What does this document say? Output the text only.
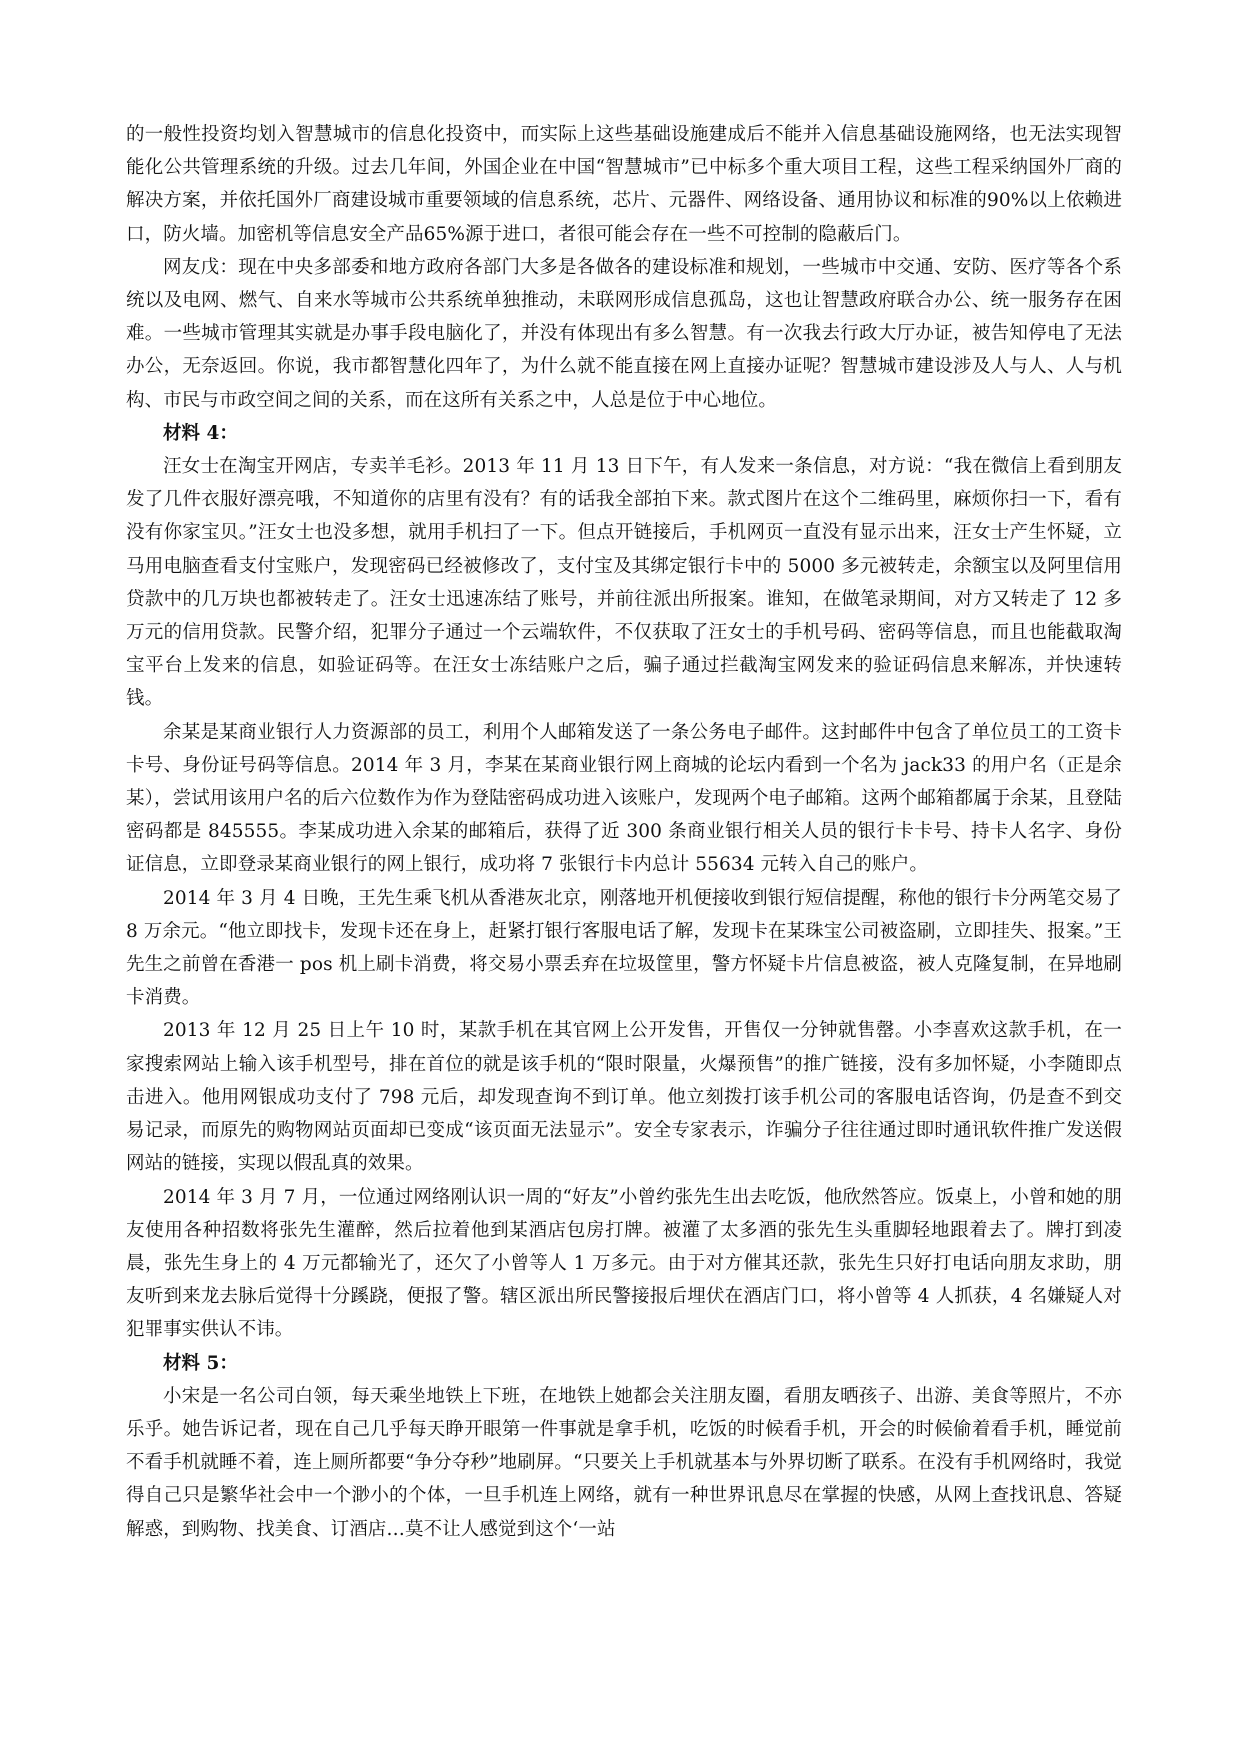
的一般性投资均划入智慧城市的信息化投资中，而实际上这些基础设施建成后不能并入信息基础设施网络，也无法实现智能化公共管理系统的升级。过去几年间，外国企业在中国“智慧城市”已中标多个重大项目工程，这些工程采纳国外厂商的解决方案，并依托国外厂商建设城市重要领域的信息系统，芯片、元器件、网络设备、通用协议和标准的90%以上依赖进口，防火墙。加密机等信息安全产品65%源于进口，者很可能会存在一些不可控制的隐蔽后门。

网友戊：现在中央多部委和地方政府各部门大多是各做各的建设标准和规划，一些城市中交通、安防、医疗等各个系统以及电网、燃气、自来水等城市公共系统单独推动，未联网形成信息孤岛，这也让智慧政府联合办公、统一服务存在困难。一些城市管理其实就是办事手段电脑化了，并没有体现出有多么智慧。有一次我去行政大厅办证，被告知停电了无法办公，无奈返回。你说，我市都智慧化四年了，为什么就不能直接在网上直接办证呢？智慧城市建设涉及人与人、人与机构、市民与市政空间之间的关系，而在这所有关系之中，人总是位于中心地位。

材料 4：

汪女士在淘宝开网店，专卖羊毛衫。2013 年 11 月 13 日下午，有人发来一条信息，对方说：“我在微信上看到朋友发了几件衣服好漂亮哦，不知道你的店里有没有？有的话我全部拍下来。款式图片在这个二维码里，麻烦你扫一下，看有没有你家宝贝。”汪女士也没多想，就用手机扫了一下。但点开链接后，手机网页一直没有显示出来，汪女士产生怀疑，立马用电脑查看支付宝账户，发现密码已经被修改了，支付宝及其绑定银行卡中的 5000 多元被转走，余额宝以及阿里信用贷款中的几万块也都被转走了。汪女士迅速冻结了账号，并前往派出所报案。谁知，在做笔录期间，对方又转走了 12 多万元的信用贷款。民警介绍，犯罪分子通过一个云端软件，不仅获取了汪女士的手机号码、密码等信息，而且也能截取淘宝平台上发来的信息，如验证码等。在汪女士冻结账户之后，骗子通过拦截淘宝网发来的验证码信息来解冻，并快速转钱。

余某是某商业银行人力资源部的员工，利用个人邮箱发送了一条公务电子邮件。这封邮件中包含了单位员工的工资卡卡号、身份证号码等信息。2014 年 3 月，李某在某商业银行网上商城的论坛内看到一个名为 jack33 的用户名（正是余某），尝试用该用户名的后六位数作为作为登陆密码成功进入该账户，发现两个电子邮箱。这两个邮箱都属于余某，且登陆密码都是 845555。李某成功进入余某的邮箱后，获得了近 300 条商业银行相关人员的银行卡卡号、持卡人名字、身份证信息，立即登录某商业银行的网上银行，成功将 7 张银行卡内总计 55634 元转入自己的账户。

2014 年 3 月 4 日晚，王先生乘飞机从香港灰北京，刚落地开机便接收到银行短信提醒，称他的银行卡分两笔交易了 8 万余元。“他立即找卡，发现卡还在身上，赶紧打银行客服电话了解，发现卡在某珠宝公司被盗刷，立即挂失、报案。”王先生之前曾在香港一 pos 机上刷卡消费，将交易小票丢弃在垃圾筐里，警方怀疑卡片信息被盗，被人克隆复制，在异地刷卡消费。

2013 年 12 月 25 日上午 10 时，某款手机在其官网上公开发售，开售仅一分钟就售罄。小李喜欢这款手机，在一家搜索网站上输入该手机型号，排在首位的就是该手机的“限时限量，火爆预售”的推广链接，没有多加怀疑，小李随即点击进入。他用网银成功支付了 798 元后，却发现查询不到订单。他立刻拨打该手机公司的客服电话咨询，仍是查不到交易记录，而原先的购物网站页面却已变成“该页面无法显示”。安全专家表示，诈骗分子往往通过即时通讯软件推广发送假网站的链接，实现以假乱真的效果。

2014 年 3 月 7 月，一位通过网络刚认识一周的“好友”小曾约张先生出去吃饭，他欣然答应。饭桌上，小曾和她的朋友使用各种招数将张先生灌醉，然后拉着他到某酒店包房打牌。被灌了太多酒的张先生头重脚轻地跟着去了。牌打到凌晨，张先生身上的 4 万元都输光了，还欠了小曾等人 1 万多元。由于对方催其还款，张先生只好打电话向朋友求助，朋友听到来龙去脉后觉得十分蹊跷，便报了警。辖区派出所民警接报后埋伏在酒店门口，将小曾等 4 人抓获，4 名嫌疑人对犯罪事实供认不讳。

材料 5：

小宋是一名公司白领，每天乘坐地铁上下班，在地铁上她都会关注朋友圈，看朋友晒孩子、出游、美食等照片，不亦乐乎。她告诉记者，现在自己几乎每天睁开眼第一件事就是拿手机，吃饭的时候看手机，开会的时候偷着看手机，睡觉前不看手机就睡不着，连上厕所都要“争分夺秒”地刷屏。“只要关上手机就基本与外界切断了联系。在没有手机网络时，我觉得自己只是繁华社会中一个渺小的个体，一旦手机连上网络，就有一种世界讯息尽在掌握的快感，从网上查找讯息、答疑解惑，到购物、找美食、订酒店…莫不让人感觉到这个‘一站
